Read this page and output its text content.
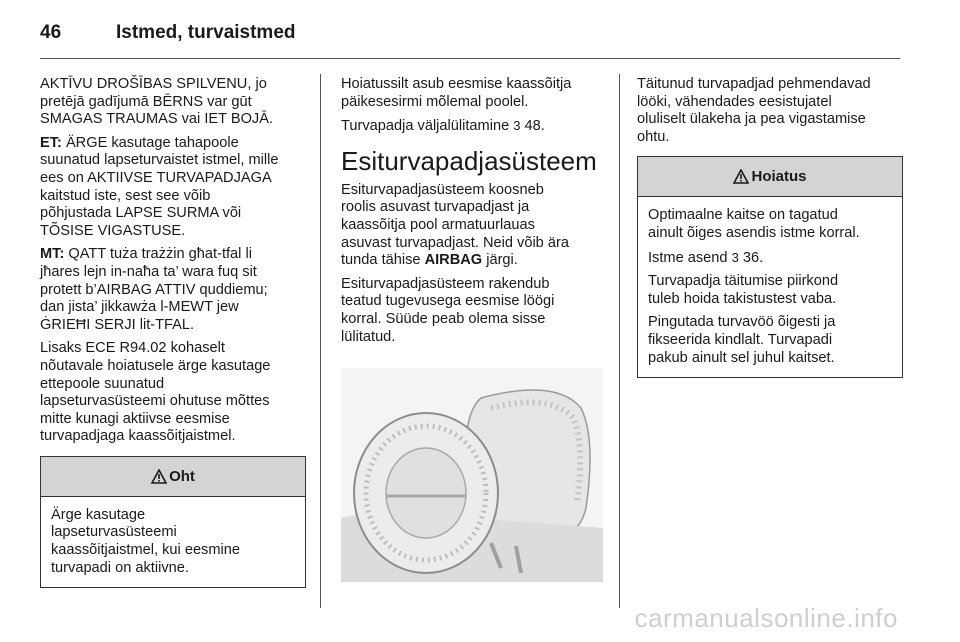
46	Istmed, turvaistmed

AKTĪVU DROŠĪBAS SPILVENU, jo
pretējā gadījumā BĒRNS var gūt
SMAGAS TRAUMAS vai IET BOJĀ.

ET: ÄRGE kasutage tahapoole
suunatud lapseturvaistet istmel, mille
ees on AKTIIVSE TURVAPADJAGA
kaitstud iste, sest see võib
põhjustada LAPSE SURMA või
TÕSISE VIGASTUSE.

MT: QATT tuża trażżin għat-tfal li
jħares lejn in-naħa ta’ wara fuq sit
protett b’AIRBAG ATTIV quddiemu;
dan jista’ jikkawża l-MEWT jew
ĠRIEĦI SERJI lit-TFAL.

Lisaks ECE R94.02 kohaselt
nõutavale hoiatusele ärge kasutage
ettepoole suunatud
lapseturvasüsteemi ohutuse mõttes
mitte kunagi aktiivse eesmise
turvapadjaga kaassõitjaistmel.

Oht

Ärge kasutage
lapseturvasüsteemi
kaassõitjaistmel, kui eesmine
turvapadi on aktiivne.

Hoiatussilt asub eesmise kaassõitja
päikesesirmi mõlemal poolel.

Turvapadja väljalülitamine 3 48.

Esiturvapadjasüsteem

Esiturvapadjasüsteem koosneb
roolis asuvast turvapadjast ja
kaassõitja pool armatuurlauas
asuvast turvapadjast. Neid võib ära
tunda tähise AIRBAG järgi.

Esiturvapadjasüsteem rakendub
teatud tugevusega eesmise löögi
korral. Süüde peab olema sisse
lülitatud.

Täitunud turvapadjad pehmendavad
lööki, vähendades eesistujatel
oluliselt ülakeha ja pea vigastamise
ohtu.

Hoiatus

Optimaalne kaitse on tagatud
ainult õiges asendis istme korral.

Istme asend 3 36.

Turvapadja täitumise piirkond
tuleb hoida takistustest vaba.

Pingutada turvavöö õigesti ja
fikseerida kindlalt. Turvapadi
pakub ainult sel juhul kaitset.

carmanualsonline.info
